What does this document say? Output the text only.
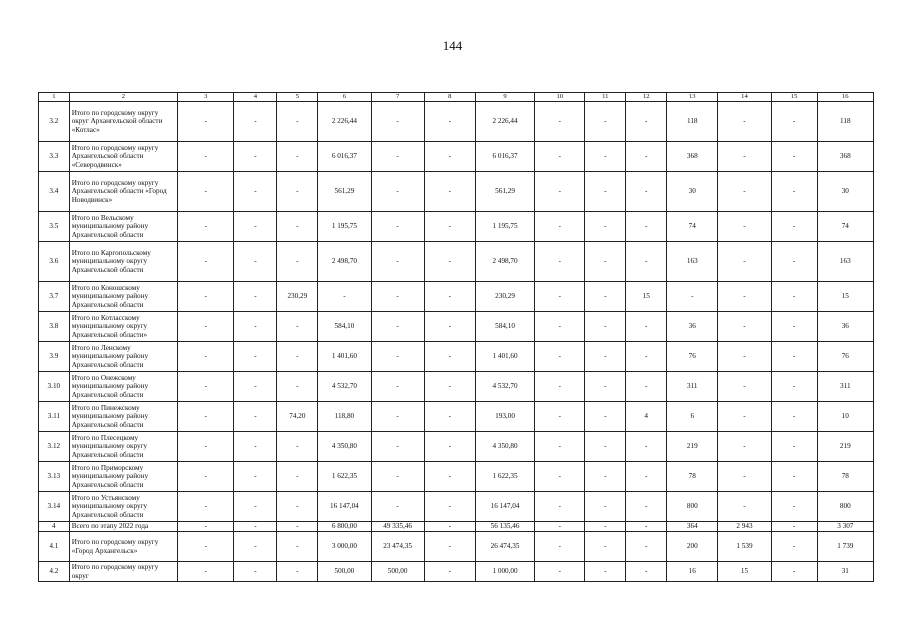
144
1	2	3	4	5	6	7	8	9	10	11	12	13	14	15	16
3.2	Итого по городскому округу округ Архангельской области «Котлас»	-	-	-	2 226,44	-	-	2 226,44	-	-	-	118	-	-	118
3.3	Итого по городскому округу Архангельской области «Северодвинск»	-	-	-	6 016,37	-	-	6 016,37	-	-	-	368	-	-	368
3.4	Итого по городскому округу Архангельской области «Город Новодвинск»	-	-	-	561,29	-	-	561,29	-	-	-	30	-	-	30
3.5	Итого по Вельскому муниципальному району Архангельской области	-	-	-	1 195,75	-	-	1 195,75	-	-	-	74	-	-	74
3.6	Итого по Каргопольскому муниципальному округу Архангельской области	-	-	-	2 498,70	-	-	2 498,70	-	-	-	163	-	-	163
3.7	Итого по Коношскому муниципальному району Архангельской области	-	-	230,29	-	-	-	230,29	-	-	15	-	-	-	15
3.8	Итого по Котласскому муниципальному округу Архангельской области»	-	-	-	584,10	-	-	584,10	-	-	-	36	-	-	36
3.9	Итого по Ленскому муниципальному району Архангельской области	-	-	-	1 401,60	-	-	1 401,60	-	-	-	76	-	-	76
3.10	Итого по Онежскому муниципальному району Архангельской области	-	-	-	4 532,70	-	-	4 532,70	-	-	-	311	-	-	311
3.11	Итого по Пинежскому муниципальному району Архангельской области	-	-	74,20	118,80	-	-	193,00	-	-	4	6	-	-	10
3.12	Итого по Плесецкому муниципальному округу Архангельской области	-	-	-	4 350,80	-	-	4 350,80	-	-	-	219	-	-	219
3.13	Итого по Приморскому муниципальному району Архангельской области	-	-	-	1 622,35	-	-	1 622,35	-	-	-	78	-	-	78
3.14	Итого по Устьянскому муниципальному округу Архангельской области	-	-	-	16 147,04	-	-	16 147,04	-	-	-	800	-	-	800
4	Всего по этапу 2022 года	-	-	-	6 800,00	49 335,46	-	56 135,46	-	-	-	364	2 943	-	3 307
4.1	Итого по городскому округу «Город Архангельск»	-	-	-	3 000,00	23 474,35	-	26 474,35	-	-	-	200	1 539	-	1 739
4.2	Итого по городскому округу округ	-	-	-	500,00	500,00	-	1 000,00	-	-	-	16	15	-	31
